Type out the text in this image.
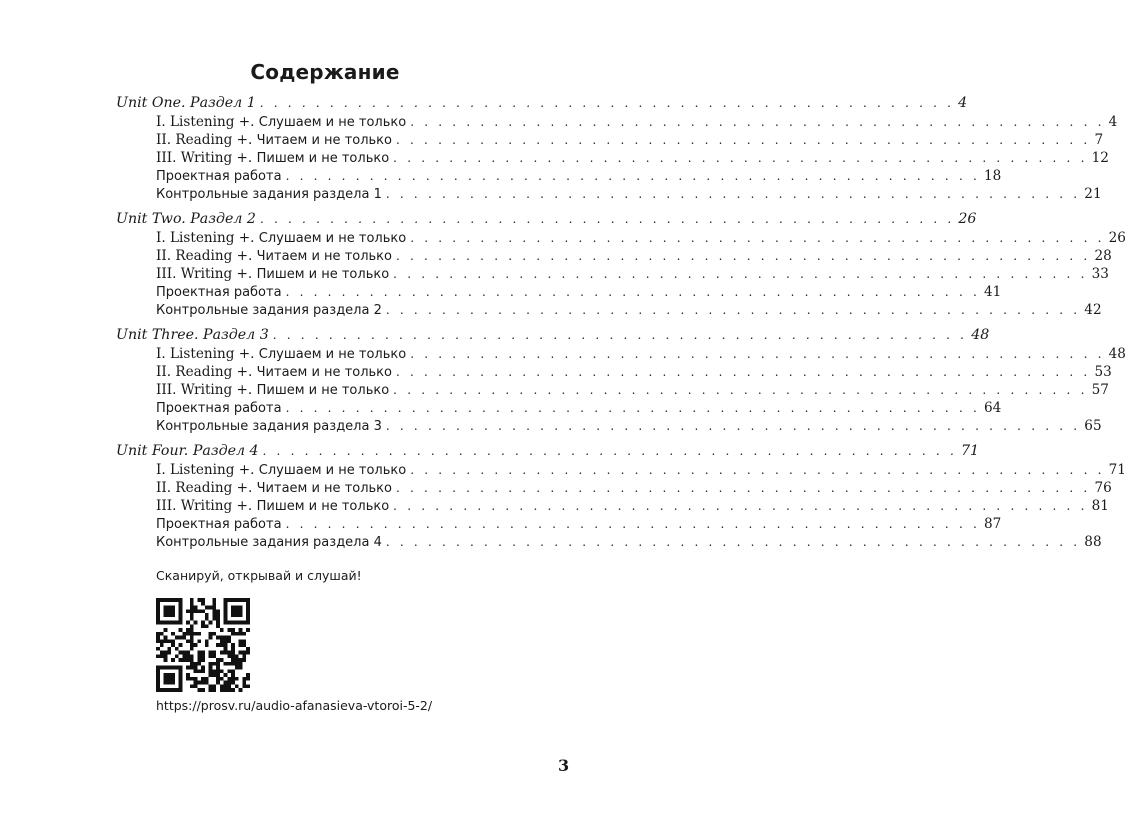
Содержание
Unit One. Раздел 1 . . . . . . . . . . . . . . . . . . . . . . . . . . . . . . . . . . . . . . . . . . . . . . . . . . 4
I. Listening +. Слушаем и не только . . . . . . . . . . . . . . . . . . . . . . . . . . . . . . . . . . . . . . . . . . . . . . . . . . 4
II. Reading +. Читаем и не только . . . . . . . . . . . . . . . . . . . . . . . . . . . . . . . . . . . . . . . . . . . . . . . . . . 7
III. Writing +. Пишем и не только . . . . . . . . . . . . . . . . . . . . . . . . . . . . . . . . . . . . . . . . . . . . . . . . . . 12
Проектная работа . . . . . . . . . . . . . . . . . . . . . . . . . . . . . . . . . . . . . . . . . . . . . . . . . . 18
Контрольные задания раздела 1 . . . . . . . . . . . . . . . . . . . . . . . . . . . . . . . . . . . . . . . . . . . . . . . . . . 21
Unit Two. Раздел 2 . . . . . . . . . . . . . . . . . . . . . . . . . . . . . . . . . . . . . . . . . . . . . . . . . . 26
I. Listening +. Слушаем и не только . . . . . . . . . . . . . . . . . . . . . . . . . . . . . . . . . . . . . . . . . . . . . . . . . . 26
II. Reading +. Читаем и не только . . . . . . . . . . . . . . . . . . . . . . . . . . . . . . . . . . . . . . . . . . . . . . . . . . 28
III. Writing +. Пишем и не только . . . . . . . . . . . . . . . . . . . . . . . . . . . . . . . . . . . . . . . . . . . . . . . . . . 33
Проектная работа . . . . . . . . . . . . . . . . . . . . . . . . . . . . . . . . . . . . . . . . . . . . . . . . . . 41
Контрольные задания раздела 2 . . . . . . . . . . . . . . . . . . . . . . . . . . . . . . . . . . . . . . . . . . . . . . . . . . 42
Unit Three. Раздел 3 . . . . . . . . . . . . . . . . . . . . . . . . . . . . . . . . . . . . . . . . . . . . . . . . . . 48
I. Listening +. Слушаем и не только . . . . . . . . . . . . . . . . . . . . . . . . . . . . . . . . . . . . . . . . . . . . . . . . . . 48
II. Reading +. Читаем и не только . . . . . . . . . . . . . . . . . . . . . . . . . . . . . . . . . . . . . . . . . . . . . . . . . . 53
III. Writing +. Пишем и не только . . . . . . . . . . . . . . . . . . . . . . . . . . . . . . . . . . . . . . . . . . . . . . . . . . 57
Проектная работа . . . . . . . . . . . . . . . . . . . . . . . . . . . . . . . . . . . . . . . . . . . . . . . . . . 64
Контрольные задания раздела 3 . . . . . . . . . . . . . . . . . . . . . . . . . . . . . . . . . . . . . . . . . . . . . . . . . . 65
Unit Four. Раздел 4 . . . . . . . . . . . . . . . . . . . . . . . . . . . . . . . . . . . . . . . . . . . . . . . . . . 71
I. Listening +. Слушаем и не только . . . . . . . . . . . . . . . . . . . . . . . . . . . . . . . . . . . . . . . . . . . . . . . . . . 71
II. Reading +. Читаем и не только . . . . . . . . . . . . . . . . . . . . . . . . . . . . . . . . . . . . . . . . . . . . . . . . . . 76
III. Writing +. Пишем и не только . . . . . . . . . . . . . . . . . . . . . . . . . . . . . . . . . . . . . . . . . . . . . . . . . . 81
Проектная работа . . . . . . . . . . . . . . . . . . . . . . . . . . . . . . . . . . . . . . . . . . . . . . . . . . 87
Контрольные задания раздела 4 . . . . . . . . . . . . . . . . . . . . . . . . . . . . . . . . . . . . . . . . . . . . . . . . . . 88
Сканируй, открывай и слушай!
https://prosv.ru/audio-afanasieva-vtoroi-5-2/
3
